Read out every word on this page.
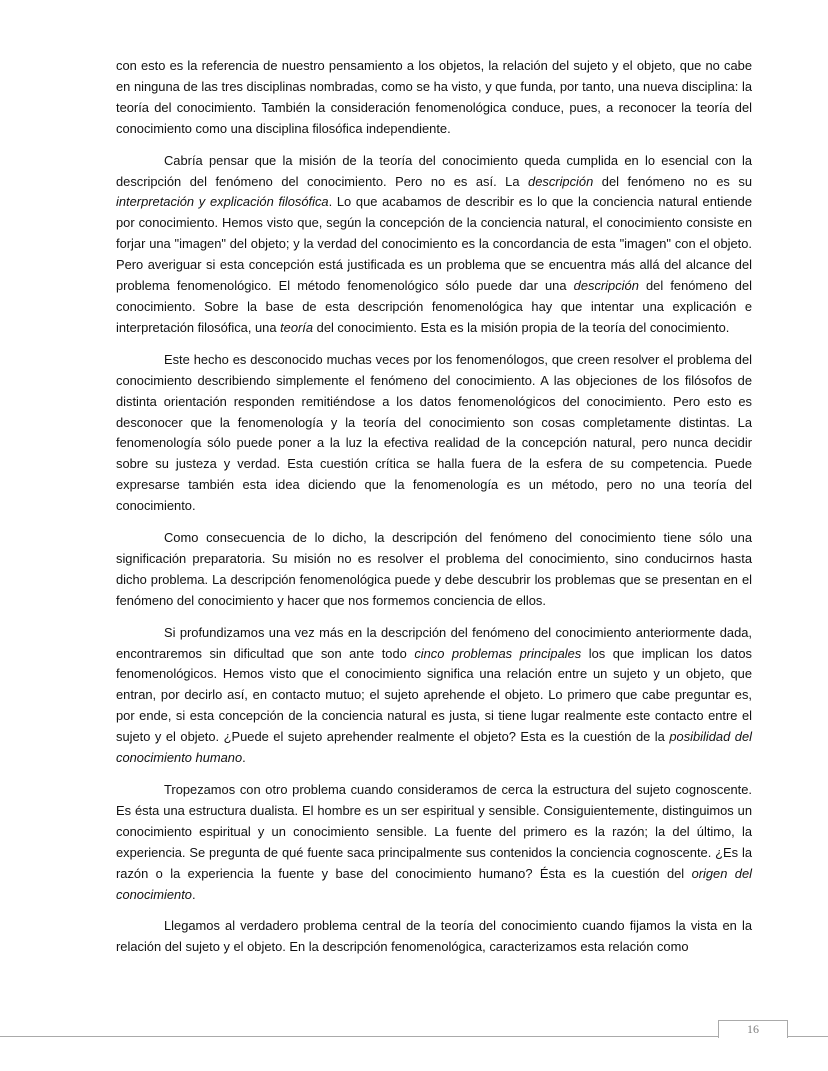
con esto es la referencia de nuestro pensamiento a los objetos, la relación del sujeto y el objeto, que no cabe en ninguna de las tres disciplinas nombradas, como se ha visto, y que funda, por tanto, una nueva disciplina: la teoría del conocimiento. También la consideración fenomenológica conduce, pues, a reconocer la teoría del conocimiento como una disciplina filosófica independiente.

Cabría pensar que la misión de la teoría del conocimiento queda cumplida en lo esencial con la descripción del fenómeno del conocimiento. Pero no es así. La descripción del fenómeno no es su interpretación y explicación filosófica. Lo que acabamos de describir es lo que la conciencia natural entiende por conocimiento. Hemos visto que, según la concepción de la conciencia natural, el conocimiento consiste en forjar una "imagen" del objeto; y la verdad del conocimiento es la concordancia de esta "imagen" con el objeto. Pero averiguar si esta concepción está justificada es un problema que se encuentra más allá del alcance del problema fenomenológico. El método fenomenológico sólo puede dar una descripción del fenómeno del conocimiento. Sobre la base de esta descripción fenomenológica hay que intentar una explicación e interpretación filosófica, una teoría del conocimiento. Esta es la misión propia de la teoría del conocimiento.

Este hecho es desconocido muchas veces por los fenomenólogos, que creen resolver el problema del conocimiento describiendo simplemente el fenómeno del conocimiento. A las objeciones de los filósofos de distinta orientación responden remitiéndose a los datos fenomenológicos del conocimiento. Pero esto es desconocer que la fenomenología y la teoría del conocimiento son cosas completamente distintas. La fenomenología sólo puede poner a la luz la efectiva realidad de la concepción natural, pero nunca decidir sobre su justeza y verdad. Esta cuestión crítica se halla fuera de la esfera de su competencia. Puede expresarse también esta idea diciendo que la fenomenología es un método, pero no una teoría del conocimiento.

Como consecuencia de lo dicho, la descripción del fenómeno del conocimiento tiene sólo una significación preparatoria. Su misión no es resolver el problema del conocimiento, sino conducirnos hasta dicho problema. La descripción fenomenológica puede y debe descubrir los problemas que se presentan en el fenómeno del conocimiento y hacer que nos formemos conciencia de ellos.

Si profundizamos una vez más en la descripción del fenómeno del conocimiento anteriormente dada, encontraremos sin dificultad que son ante todo cinco problemas principales los que implican los datos fenomenológicos. Hemos visto que el conocimiento significa una relación entre un sujeto y un objeto, que entran, por decirlo así, en contacto mutuo; el sujeto aprehende el objeto. Lo primero que cabe preguntar es, por ende, si esta concepción de la conciencia natural es justa, si tiene lugar realmente este contacto entre el sujeto y el objeto. ¿Puede el sujeto aprehender realmente el objeto? Esta es la cuestión de la posibilidad del conocimiento humano.

Tropezamos con otro problema cuando consideramos de cerca la estructura del sujeto cognoscente. Es ésta una estructura dualista. El hombre es un ser espiritual y sensible. Consiguientemente, distinguimos un conocimiento espiritual y un conocimiento sensible. La fuente del primero es la razón; la del último, la experiencia. Se pregunta de qué fuente saca principalmente sus contenidos la conciencia cognoscente. ¿Es la razón o la experiencia la fuente y base del conocimiento humano? Ésta es la cuestión del origen del conocimiento.

Llegamos al verdadero problema central de la teoría del conocimiento cuando fijamos la vista en la relación del sujeto y el objeto. En la descripción fenomenológica, caracterizamos esta relación como

16
